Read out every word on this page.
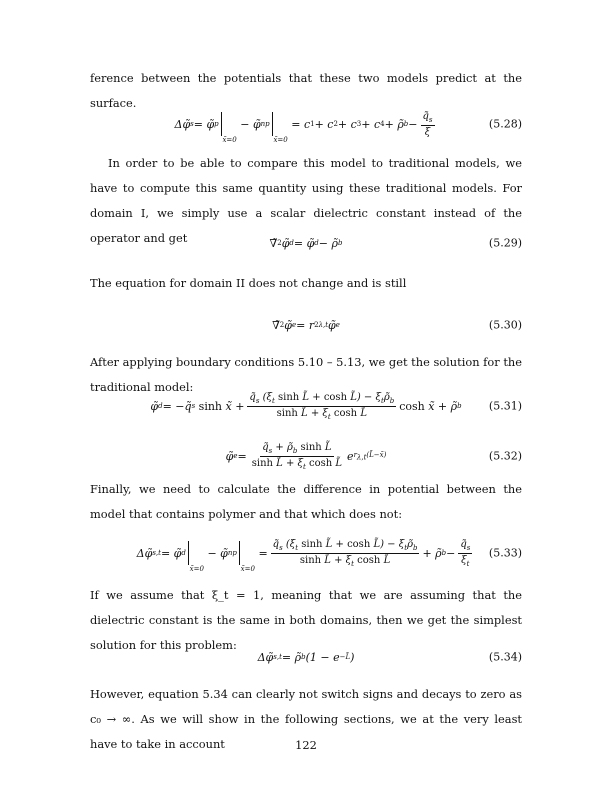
ference between the potentials that these two models predict at the surface.

Δφ̃ s = φ̃ p
x̃=0
− φ̃ np
x̃=0
= c 1 + c 2 + c 3 + c 4 + ρ̃ $b - \frac{q̃_s}{\xi}$	(5.28)

In order to be able to compare this model to traditional models, we have to compute this same quantity using these traditional models. For domain I, we simply use a scalar dielectric constant instead of the operator and get	∇̃ 2 φ̃ d = φ̃ d − ρ̃ b	(5.29)

The equation for domain II does not change and is still

∇̃ 2 φ̃ e = r 2 λ,t φ̃ e	(5.30)

After applying boundary conditions 5.10 – 5.13, we get the solution for the traditional model:

φ̃ d = −q̃ s sinh x̃ + $\frac{q̃_s (\xi_t \sinh L̃ + \cosh L̃) - \xi_t\rhõ_b}{\sinh L̃ + \xi_t \cosh L̃}$ cosh x̃ + ρ̃ b (5.31)
φ̃ $e = \frac{q̃_s + \rhõ_b \sinh L̃}{\sinh L̃ + \xi_t \cosh L̃}$ e $r_{\lambda,t}(L̃-x̃)$	(5.32)

Finally, we need to calculate the difference in potential between the model that contains polymer and that which does not:

Δφ̃ s,t = φ̃ d
x̃=0
− φ̃ np
x̃=0
= $\frac{q̃_s (\xi_t \sinh L̃ + \cosh L̃) - \xi_t\rhõ_b}{\sinh L̃ + \xi_t \cosh L̃}$ + ρ̃ $b - \frac{q̃_s}{\xi_t} (5.33)$

If we assume that ξ_t = 1, meaning that we are assuming that the dielectric constant is the same in both domains, then we get the simplest solution for this problem:

Δφ̃ s,t = ρ̃ b (1 − e −L̃ )	(5.34)

However, equation 5.34 can clearly not switch signs and decays to zero as c₀ → ∞. As we will show in the following sections, we at the very least have to take in account	122
